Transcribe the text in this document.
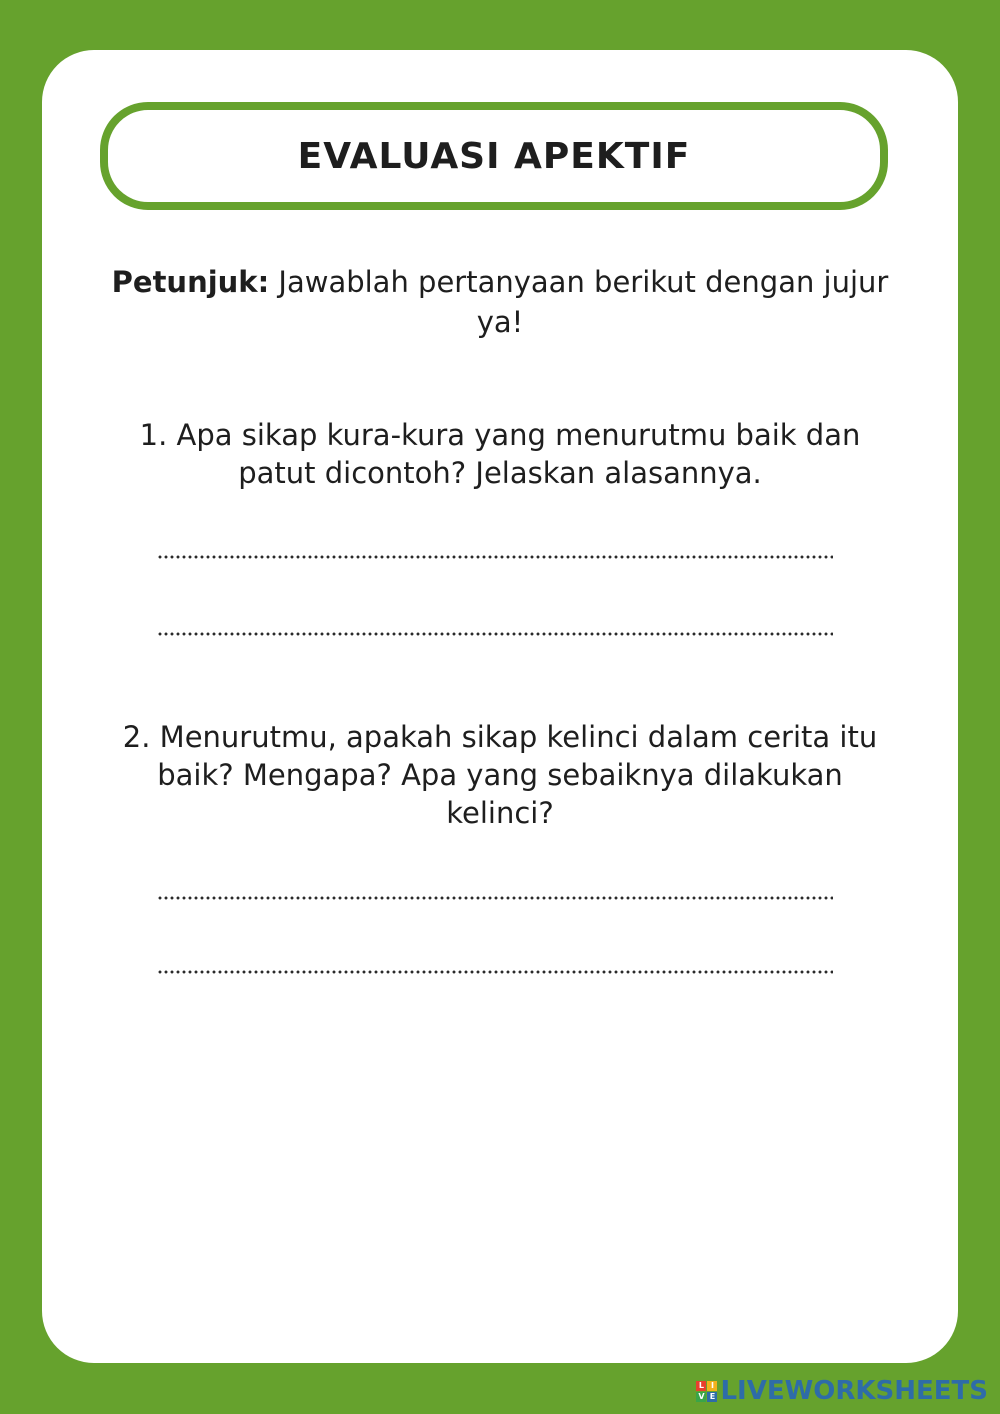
EVALUASI APEKTIF
Petunjuk: Jawablah pertanyaan berikut dengan jujur ya!
1. Apa sikap kura-kura yang menurutmu baik dan patut dicontoh? Jelaskan alasannya.
2. Menurutmu, apakah sikap kelinci dalam cerita itu baik? Mengapa? Apa yang sebaiknya dilakukan kelinci?
L I
V E LIVEWORKSHEETS
